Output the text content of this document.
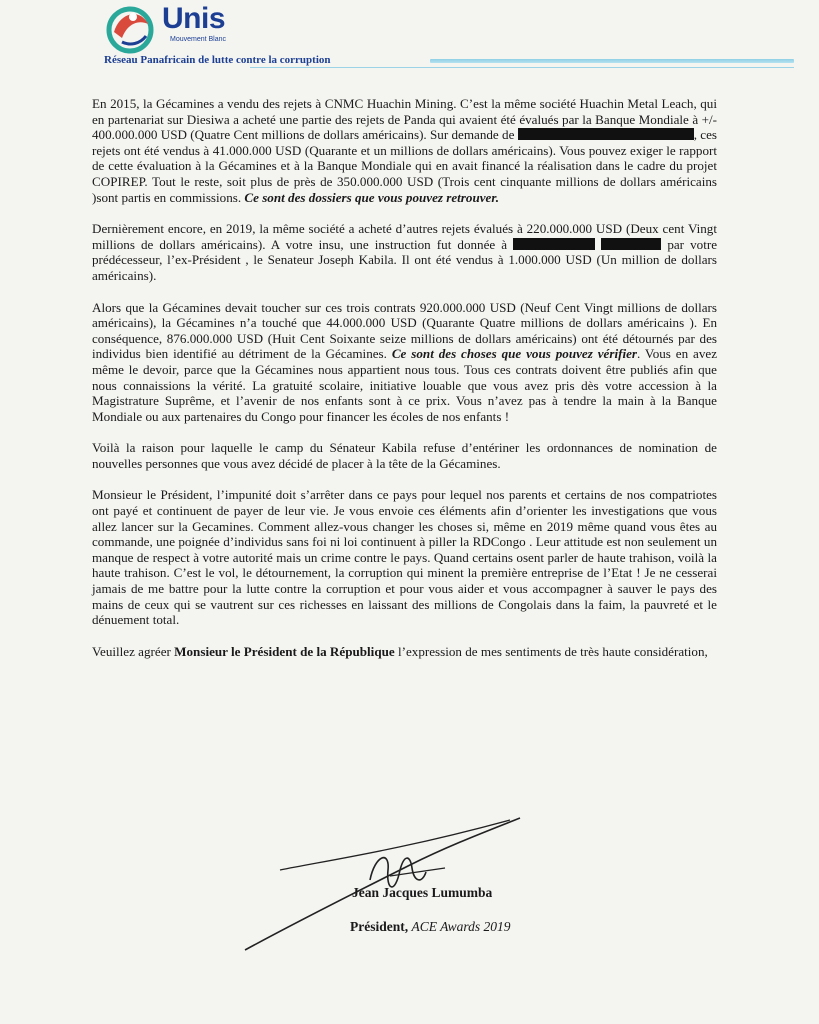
Unis
Mouvement Blanc
Réseau Panafricain de lutte contre la corruption

En 2015, la Gécamines a vendu des rejets à CNMC Huachin Mining. C’est la même société Huachin Metal Leach, qui en partenariat sur Diesiwa a acheté une partie des rejets de Panda qui avaient été évalués par la Banque Mondiale à +/- 400.000.000 USD (Quatre Cent millions de dollars américains). Sur demande de	, ces rejets ont été vendus à 41.000.000 USD (Quarante et un millions de dollars américains). Vous pouvez exiger le rapport de cette évaluation à la Gécamines et à la Banque Mondiale qui en avait financé la réalisation dans le cadre du projet COPIREP. Tout le reste, soit plus de près de 350.000.000 USD (Trois cent cinquante millions de dollars américains )sont partis en commissions. Ce sont des dossiers que vous pouvez retrouver.

Dernièrement encore, en 2019, la même société a acheté d’autres rejets évalués à 220.000.000 USD (Deux cent Vingt millions de dollars américains). A votre insu, une instruction fut donnée à	par votre prédécesseur, l’ex-Président , le Senateur Joseph Kabila. Il ont été vendus à 1.000.000 USD (Un million de dollars américains).

Alors que la Gécamines devait toucher sur ces trois contrats 920.000.000 USD (Neuf Cent Vingt millions de dollars américains), la Gécamines n’a touché que 44.000.000 USD (Quarante Quatre millions de dollars américains ). En conséquence, 876.000.000 USD (Huit Cent Soixante seize millions de dollars américains) ont été détournés par des individus bien identifié au détriment de la Gécamines. Ce sont des choses que vous pouvez vérifier. Vous en avez même le devoir, parce que la Gécamines nous appartient nous tous. Tous ces contrats doivent être publiés afin que nous connaissions la vérité. La gratuité scolaire, initiative louable que vous avez pris dès votre accession à la Magistrature Suprême, et l’avenir de nos enfants sont à ce prix. Vous n’avez pas à tendre la main à la Banque Mondiale ou aux partenaires du Congo pour financer les écoles de nos enfants !

Voilà la raison pour laquelle le camp du Sénateur Kabila refuse d’entériner les ordonnances de nomination de nouvelles personnes que vous avez décidé de placer à la tête de la Gécamines.

Monsieur le Président, l’impunité doit s’arrêter dans ce pays pour lequel nos parents et certains de nos compatriotes ont payé et continuent de payer de leur vie. Je vous envoie ces éléments afin d’orienter les investigations que vous allez lancer sur la Gecamines. Comment allez-vous changer les choses si, même en 2019 même quand vous êtes au commande, une poignée d’individus sans foi ni loi continuent à piller la RDCongo . Leur attitude est non seulement un manque de respect à votre autorité mais un crime contre le pays. Quand certains osent parler de haute trahison, voilà la haute trahison. C’est le vol, le détournement, la corruption qui minent la première entreprise de l’Etat ! Je ne cesserai jamais de me battre pour la lutte contre la corruption et pour vous aider et vous accompagner à sauver le pays des mains de ceux qui se vautrent sur ces richesses en laissant des millions de Congolais dans la faim, la pauvreté et le dénuement total.

Veuillez agréer Monsieur le Président de la République l’expression de mes sentiments de très haute considération,

Jean Jacques Lumumba
Président, ACE Awards 2019
